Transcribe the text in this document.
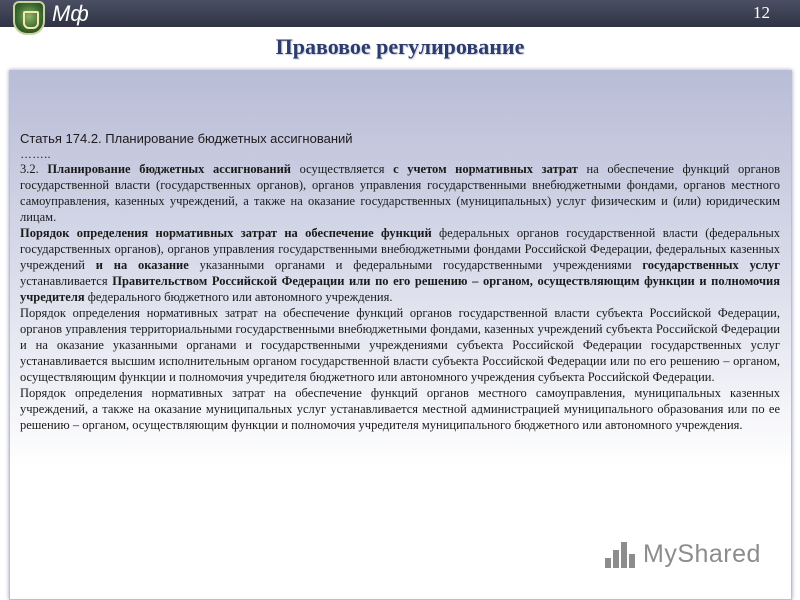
Мф	12
Правовое регулирование

Статья 174.2. Планирование бюджетных ассигнований

……..

3.2. Планирование бюджетных ассигнований осуществляется с учетом нормативных затрат на обеспечение функций органов государственной власти (государственных органов), органов управления государственными внебюджетными фондами, органов местного самоуправления, казенных учреждений, а также на оказание государственных (муниципальных) услуг физическим и (или) юридическим лицам.

Порядок определения нормативных затрат на обеспечение функций федеральных органов государственной власти (федеральных государственных органов), органов управления государственными внебюджетными фондами Российской Федерации, федеральных казенных учреждений и на оказание указанными органами и федеральными государственными учреждениями государственных услуг устанавливается Правительством Российской Федерации или по его решению – органом, осуществляющим функции и полномочия учредителя федерального бюджетного или автономного учреждения.

Порядок определения нормативных затрат на обеспечение функций органов государственной власти субъекта Российской Федерации, органов управления территориальными государственными внебюджетными фондами, казенных учреждений субъекта Российской Федерации и на оказание указанными органами и государственными учреждениями субъекта Российской Федерации государственных услуг устанавливается высшим исполнительным органом государственной власти субъекта Российской Федерации или по его решению – органом, осуществляющим функции и полномочия учредителя бюджетного или автономного учреждения субъекта Российской Федерации.

Порядок определения нормативных затрат на обеспечение функций органов местного самоуправления, муниципальных казенных учреждений, а также на оказание муниципальных услуг устанавливается местной администрацией муниципального образования или по ее решению – органом, осуществляющим функции и полномочия учредителя муниципального бюджетного или автономного учреждения.

MyShared
